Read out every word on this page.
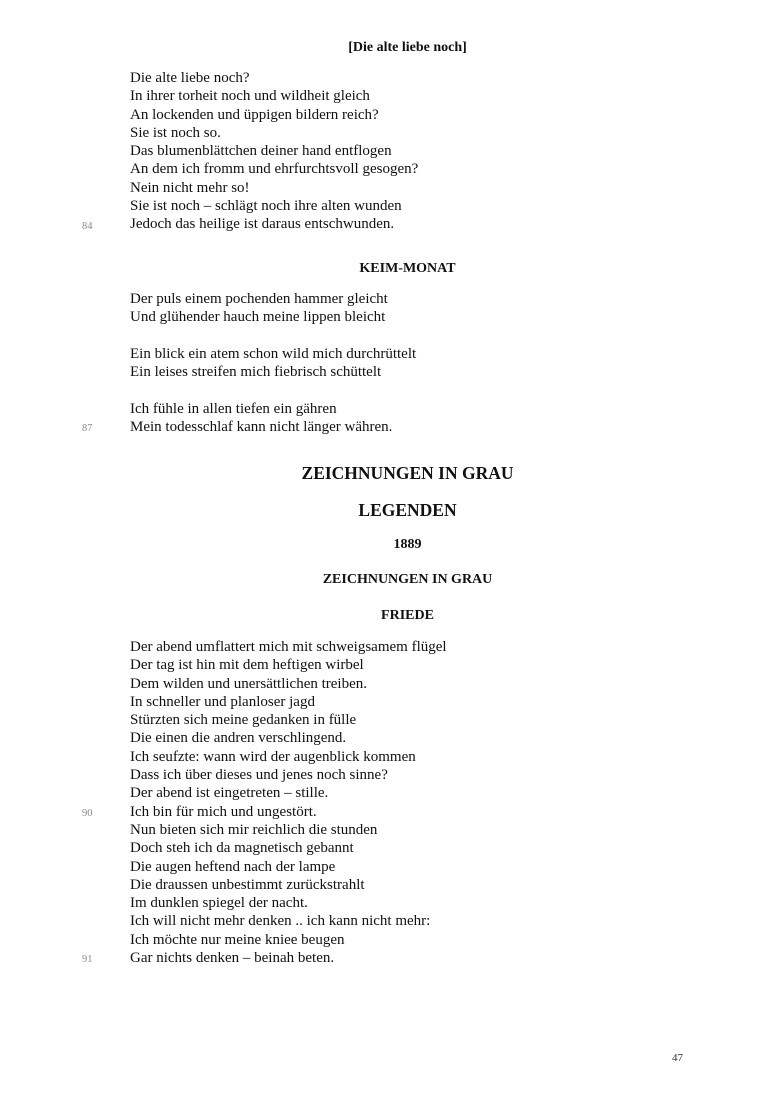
[Die alte liebe noch]
Die alte liebe noch?
In ihrer torheit noch und wildheit gleich
An lockenden und üppigen bildern reich?
Sie ist noch so.
Das blumenblättchen deiner hand entflogen
An dem ich fromm und ehrfurchtsvoll gesogen?
Nein nicht mehr so!
Sie ist noch – schlägt noch ihre alten wunden
Jedoch das heilige ist daraus entschwunden.
84
KEIM-MONAT
Der puls einem pochenden hammer gleicht
Und glühender hauch meine lippen bleicht
Ein blick ein atem schon wild mich durchrüttelt
Ein leises streifen mich fiebrisch schüttelt
Ich fühle in allen tiefen ein gähren
Mein todesschlaf kann nicht länger währen.
87
ZEICHNUNGEN IN GRAU
LEGENDEN
1889
ZEICHNUNGEN IN GRAU
FRIEDE
Der abend umflattert mich mit schweigsamem flügel
Der tag ist hin mit dem heftigen wirbel
Dem wilden und unersättlichen treiben.
In schneller und planloser jagd
Stürzten sich meine gedanken in fülle
Die einen die andren verschlingend.
Ich seufzte: wann wird der augenblick kommen
Dass ich über dieses und jenes noch sinne?
Der abend ist eingetreten – stille.
Ich bin für mich und ungestört.
Nun bieten sich mir reichlich die stunden
Doch steh ich da magnetisch gebannt
Die augen heftend nach der lampe
Die draussen unbestimmt zurückstrahlt
Im dunklen spiegel der nacht.
Ich will nicht mehr denken .. ich kann nicht mehr:
Ich möchte nur meine kniee beugen
Gar nichts denken – beinah beten.
90
91
47
